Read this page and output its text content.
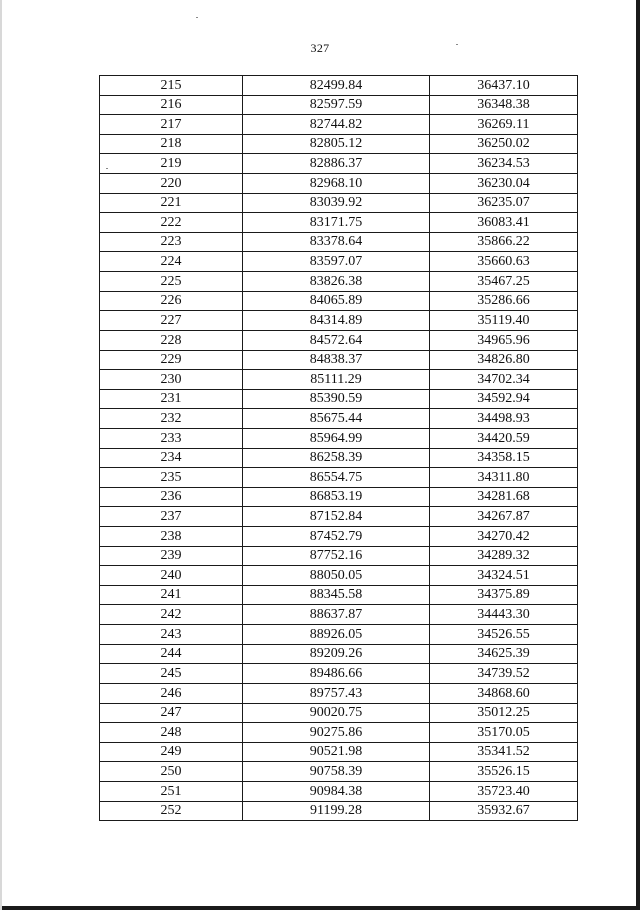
327
215	82499.84	36437.10
216	82597.59	36348.38
217	82744.82	36269.11
218	82805.12	36250.02
219	82886.37	36234.53
220	82968.10	36230.04
221	83039.92	36235.07
222	83171.75	36083.41
223	83378.64	35866.22
224	83597.07	35660.63
225	83826.38	35467.25
226	84065.89	35286.66
227	84314.89	35119.40
228	84572.64	34965.96
229	84838.37	34826.80
230	85111.29	34702.34
231	85390.59	34592.94
232	85675.44	34498.93
233	85964.99	34420.59
234	86258.39	34358.15
235	86554.75	34311.80
236	86853.19	34281.68
237	87152.84	34267.87
238	87452.79	34270.42
239	87752.16	34289.32
240	88050.05	34324.51
241	88345.58	34375.89
242	88637.87	34443.30
243	88926.05	34526.55
244	89209.26	34625.39
245	89486.66	34739.52
246	89757.43	34868.60
247	90020.75	35012.25
248	90275.86	35170.05
249	90521.98	35341.52
250	90758.39	35526.15
251	90984.38	35723.40
252	91199.28	35932.67
